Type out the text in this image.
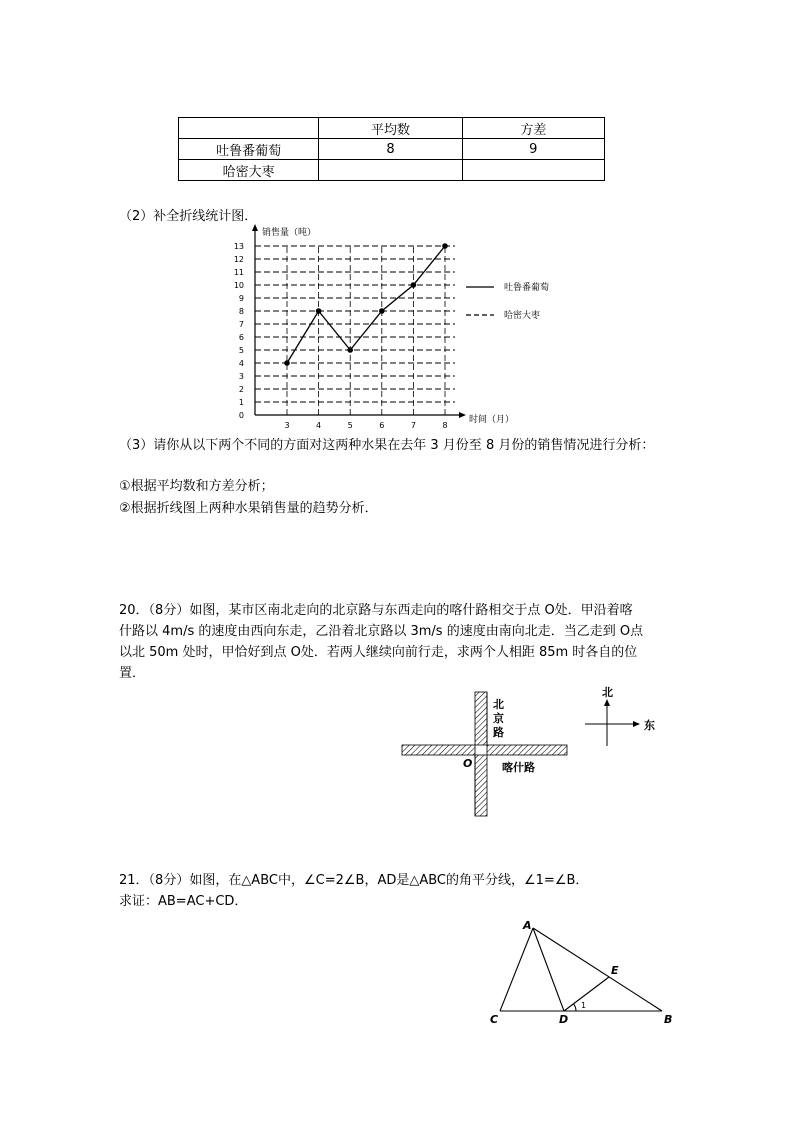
	平均数	方差
吐鲁番葡萄	8	9
哈密大枣		
（2）补全折线统计图．
销售量（吨）
时间（月）
0
1
2
3
4
5
6
7
8
9
10
11
12
13
3	4	5	6	7	8
吐鲁番葡萄
哈密大枣
（3）请你从以下两个不同的方面对这两种水果在去年 3 月份至 8 月份的销售情况进行分析：
①根据平均数和方差分析；
②根据折线图上两种水果销售量的趋势分析．

20．（8分）如图，某市区南北走向的北京路与东西走向的喀什路相交于点 O处．甲沿着喀

什路以 4m/s 的速度由西向东走，乙沿着北京路以 3m/s 的速度由南向北走．当乙走到 O点

以北 50m 处时，甲恰好到点 O处．若两人继续向前行走，求两个人相距 85m 时各自的位

置．

北
京
路
O	喀什路
北
东

21．（8分）如图，在△ABC中，∠C=2∠B，AD是△ABC的角平分线，∠1=∠B．

求证：AB=AC+CD．

A
C	D	B
E
1
